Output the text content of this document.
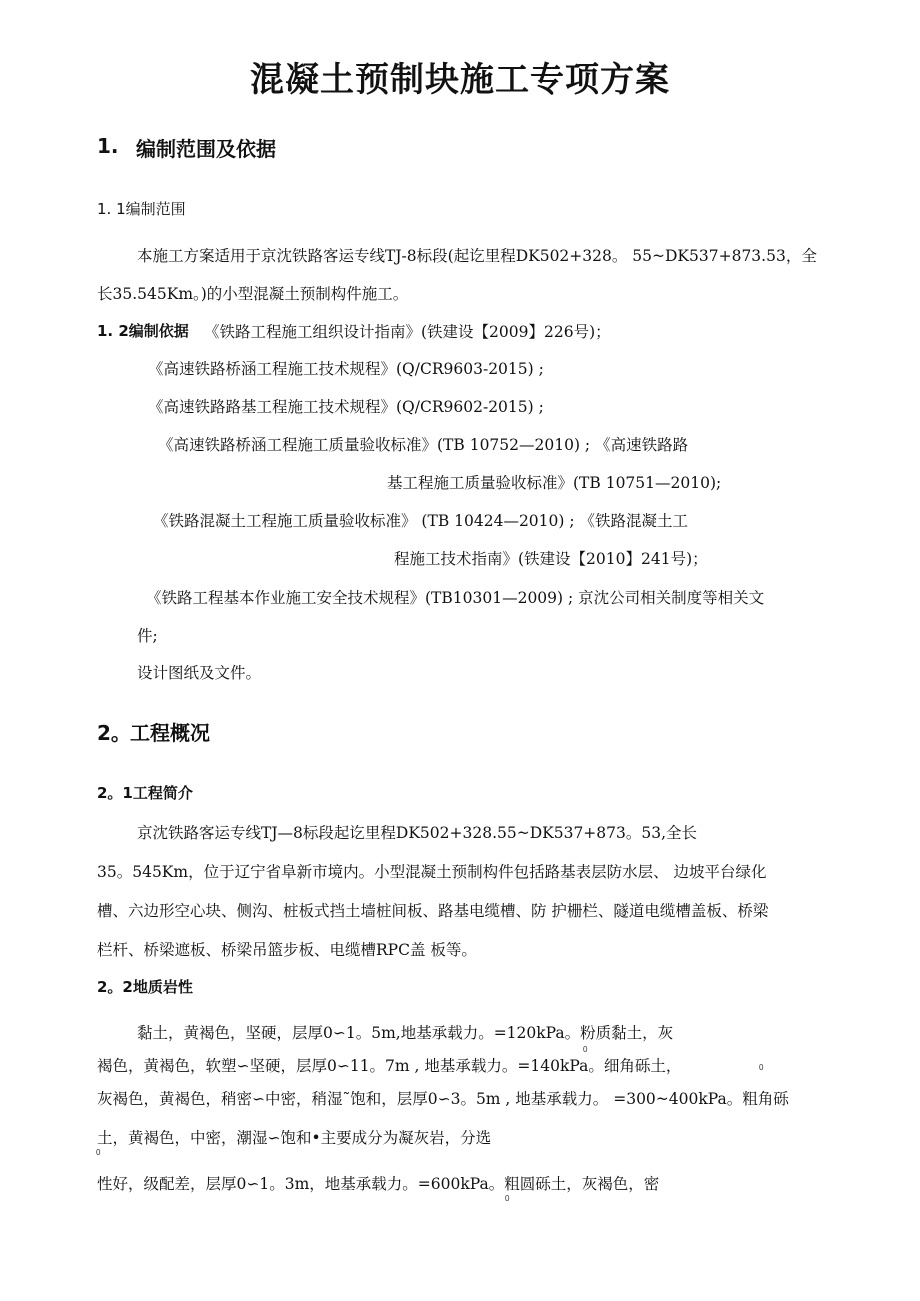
混凝土预制块施工专项方案
1. 编制范围及依据
1. 1编制范围
本施工方案适用于京沈铁路客运专线TJ-8标段(起讫里程DK502+328。 55~DK537+873.53，全
长35.545Km。)的小型混凝土预制构件施工。
1. 2编制依据 《铁路工程施工组织设计指南》(铁建设【2009】226号)；
《高速铁路桥涵工程施工技术规程》(Q/CR9603-2015) ;
《高速铁路路基工程施工技术规程》(Q/CR9602-2015) ;
《高速铁路桥涵工程施工质量验收标准》(TB 10752—2010) ; 《高速铁路路
基工程施工质量验收标准》(TB 10751—2010);
《铁路混凝土工程施工质量验收标准》 (TB 10424—2010) ; 《铁路混凝土工
程施工技术指南》(铁建设【2010】241号)；
《铁路工程基本作业施工安全技术规程》(TB10301—2009) ; 京沈公司相关制度等相关文
件;
设计图纸及文件。
2。 工程概况
2。1工程简介
京沈铁路客运专线TJ—8标段起讫里程DK502+328.55~DK537+873。53,全长
35。545Km，位于辽宁省阜新市境内。小型混凝土预制构件包括路基表层防水层、 边坡平台绿化
槽、六边形空心块、侧沟、桩板式挡土墙桩间板、路基电缆槽、防 护栅栏、隧道电缆槽盖板、桥梁
栏杆、桥梁遮板、桥梁吊篮步板、电缆槽RPC盖 板等。
2。2地质岩性
黏土，黄褐色，坚硬，层厚0∽1。5m,地基承载力。=120kPa。粉质黏土，灰
0
褐色，黄褐色，软塑∽坚硬，层厚0∽11。7m , 地基承载力。=140kPa。细角砾土，	0
灰褐色，黄褐色，稍密∽中密，稍湿˜饱和，层厚0∽3。5m , 地基承载力。 =300~400kPa。粗角砾
土，黄褐色，中密，潮湿∽饱和•主要成分为凝灰岩，分选
0
性好，级配差，层厚0∽1。3m，地基承载力。=600kPa。粗圆砾土，灰褐色，密
0
